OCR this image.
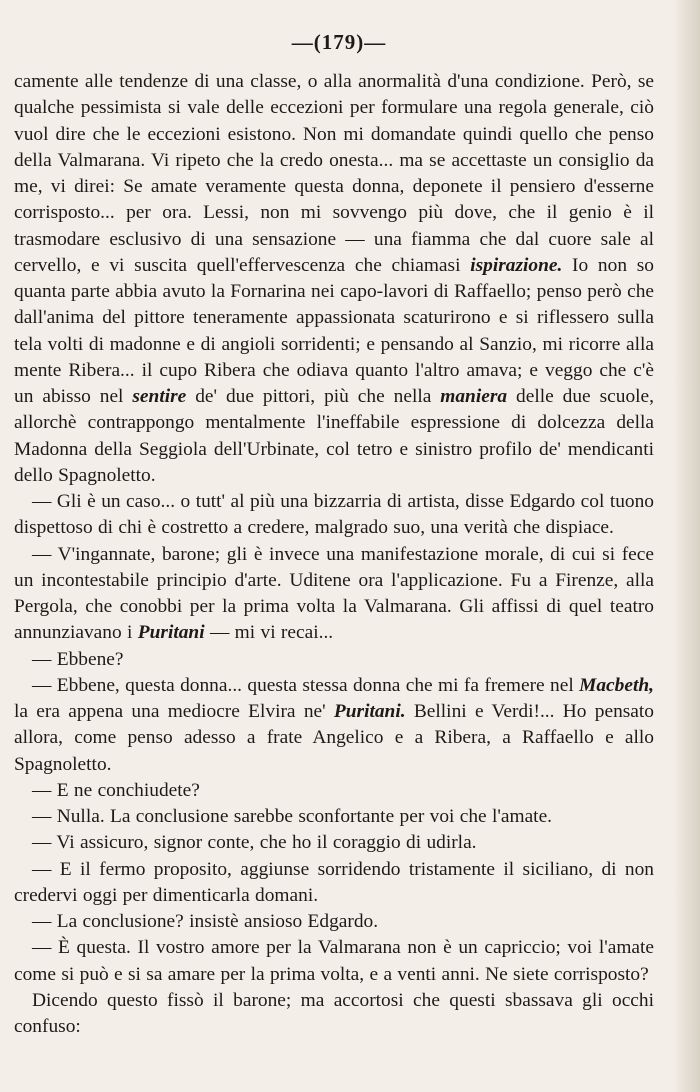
—(179)—

camente alle tendenze di una classe, o alla anormalità d'una condizione. Però, se qualche pessimista si vale delle eccezioni per formulare una regola generale, ciò vuol dire che le eccezioni esistono. Non mi domandate quindi quello che penso della Valmarana. Vi ripeto che la credo onesta... ma se accettaste un consiglio da me, vi direi: Se amate veramente questa donna, deponete il pensiero d'esserne corrisposto... per ora. Lessi, non mi sovvengo più dove, che il genio è il trasmodare esclusivo di una sensazione — una fiamma che dal cuore sale al cervello, e vi suscita quell'effervescenza che chiamasi ispirazione. Io non so quanta parte abbia avuto la Fornarina nei capo-lavori di Raffaello; penso però che dall'anima del pittore teneramente appassionata scaturirono e si riflessero sulla tela volti di madonne e di angioli sorridenti; e pensando al Sanzio, mi ricorre alla mente Ribera... il cupo Ribera che odiava quanto l'altro amava; e veggo che c'è un abisso nel sentire de' due pittori, più che nella maniera delle due scuole, allorchè contrappongo mentalmente l'ineffabile espressione di dolcezza della Madonna della Seggiola dell'Urbinate, col tetro e sinistro profilo de' mendicanti dello Spagnoletto.

— Gli è un caso... o tutt' al più una bizzarria di artista, disse Edgardo col tuono dispettoso di chi è costretto a credere, malgrado suo, una verità che dispiace.

— V'ingannate, barone; gli è invece una manifestazione morale, di cui si fece un incontestabile principio d'arte. Uditene ora l'applicazione. Fu a Firenze, alla Pergola, che conobbi per la prima volta la Valmarana. Gli affissi di quel teatro annunziavano i Puritani — mi vi recai...

— Ebbene?

— Ebbene, questa donna... questa stessa donna che mi fa fremere nel Macbeth, la era appena una mediocre Elvira ne' Puritani. Bellini e Verdi!... Ho pensato allora, come penso adesso a frate Angelico e a Ribera, a Raffaello e allo Spagnoletto.

— E ne conchiudete?

— Nulla. La conclusione sarebbe sconfortante per voi che l'amate.

— Vi assicuro, signor conte, che ho il coraggio di udirla.

— E il fermo proposito, aggiunse sorridendo tristamente il siciliano, di non credervi oggi per dimenticarla domani.

— La conclusione? insistè ansioso Edgardo.

— È questa. Il vostro amore per la Valmarana non è un capriccio; voi l'amate come si può e si sa amare per la prima volta, e a venti anni. Ne siete corrisposto?

Dicendo questo fissò il barone; ma accortosi che questi sbassava gli occhi confuso:
